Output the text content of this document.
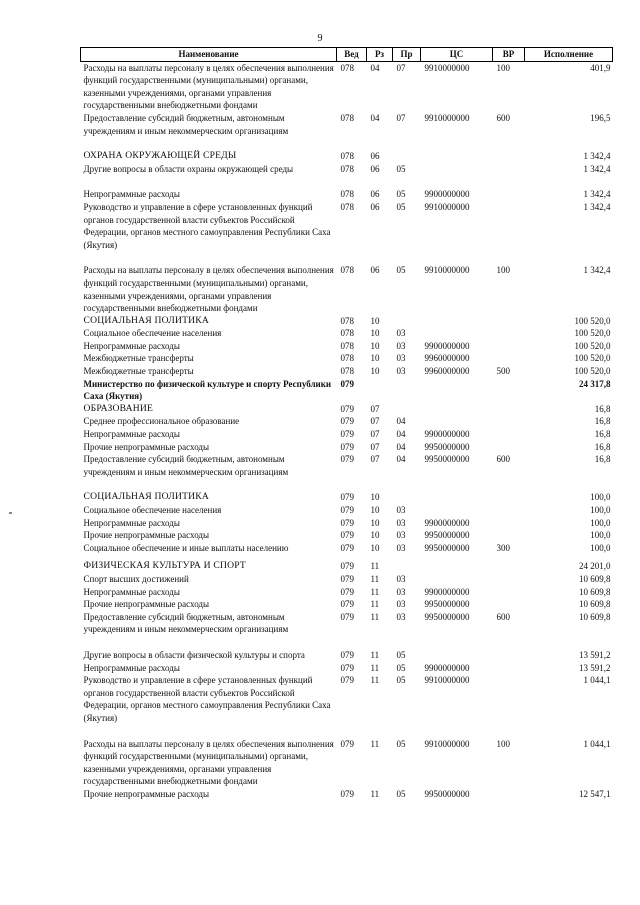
9
Наименование	Вед	Рз	Пр	ЦС	ВР	Исполнение
Расходы на выплаты персоналу в целях обеспечения выполнения функций государственными (муниципальными) органами, казенными учреждениями, органами управления государственными внебюджетными фондами	078	04	07	9910000000	100	401,9
Предоставление субсидий бюджетным, автономным учреждениям и иным некоммерческим организациям	078	04	07	9910000000	600	196,5

ОХРАНА ОКРУЖАЮЩЕЙ СРЕДЫ	078	06				1 342,4
Другие вопросы в области охраны окружающей среды	078	06	05			1 342,4

Непрограммные расходы	078	06	05	9900000000		1 342,4
Руководство и управление в сфере установленных функций органов государственной власти субъектов Российской Федерации, органов местного самоуправления Республики Саха (Якутия)	078	06	05	9910000000		1 342,4

Расходы на выплаты персоналу в целях обеспечения выполнения функций государственными (муниципальными) органами, казенными учреждениями, органами управления государственными внебюджетными фондами	078	06	05	9910000000	100	1 342,4
СОЦИАЛЬНАЯ ПОЛИТИКА	078	10				100 520,0
Социальное обеспечение населения	078	10	03			100 520,0
Непрограммные расходы	078	10	03	9900000000		100 520,0
Межбюджетные трансферты	078	10	03	9960000000		100 520,0
Межбюджетные трансферты	078	10	03	9960000000	500	100 520,0
Министерство по физической культуре и спорту Республики Саха (Якутия)	079					24 317,8
ОБРАЗОВАНИЕ	079	07				16,8
Среднее профессиональное образование	079	07	04			16,8
Непрограммные расходы	079	07	04	9900000000		16,8
Прочие непрограммные расходы	079	07	04	9950000000		16,8
Предоставление субсидий бюджетным, автономным учреждениям и иным некоммерческим организациям	079	07	04	9950000000	600	16,8

СОЦИАЛЬНАЯ ПОЛИТИКА	079	10				100,0
Социальное обеспечение населения	079	10	03			100,0
Непрограммные расходы	079	10	03	9900000000		100,0
Прочие непрограммные расходы	079	10	03	9950000000		100,0
Социальное обеспечение и иные выплаты населению	079	10	03	9950000000	300	100,0

ФИЗИЧЕСКАЯ КУЛЬТУРА И СПОРТ	079	11				24 201,0
Спорт высших достижений	079	11	03			10 609,8
Непрограммные расходы	079	11	03	9900000000		10 609,8
Прочие непрограммные расходы	079	11	03	9950000000		10 609,8
Предоставление субсидий бюджетным, автономным учреждениям и иным некоммерческим организациям	079	11	03	9950000000	600	10 609,8

Другие вопросы в области физической культуры и спорта	079	11	05			13 591,2
Непрограммные расходы	079	11	05	9900000000		13 591,2
Руководство и управление в сфере установленных функций органов государственной власти субъектов Российской Федерации, органов местного самоуправления Республики Саха (Якутия)	079	11	05	9910000000		1 044,1

Расходы на выплаты персоналу в целях обеспечения выполнения функций государственными (муниципальными) органами, казенными учреждениями, органами управления государственными внебюджетными фондами	079	11	05	9910000000	100	1 044,1
Прочие непрограммные расходы	079	11	05	9950000000		12 547,1
